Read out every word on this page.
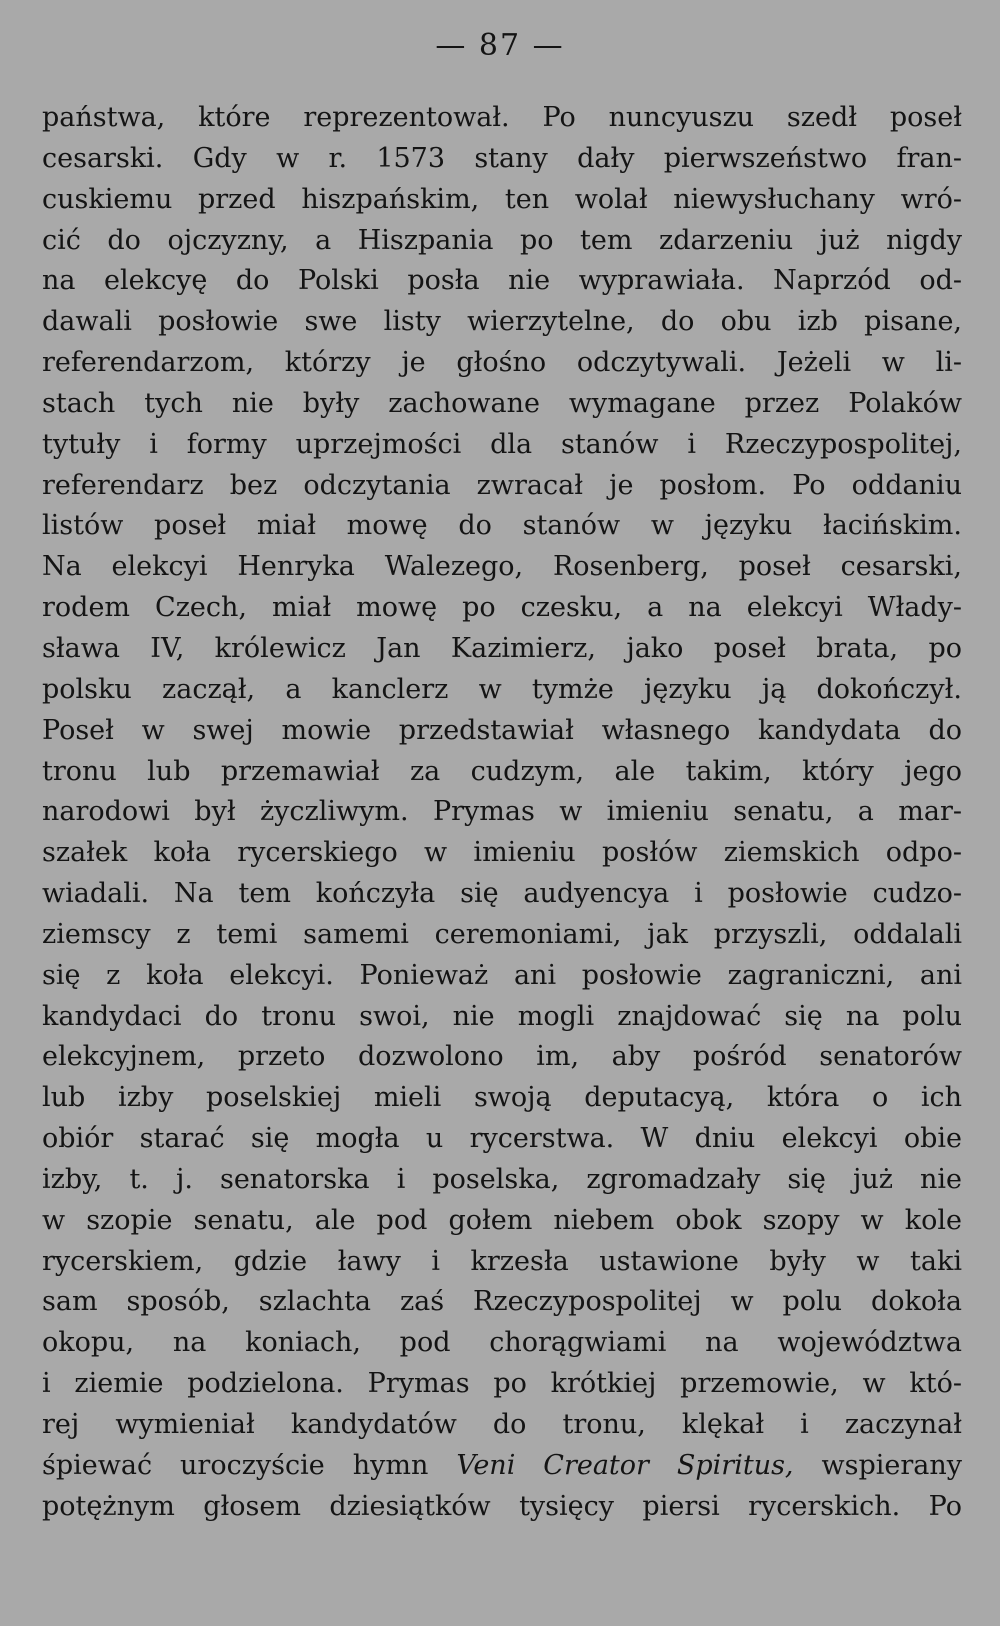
— 87 —
państwa, które reprezentował. Po nuncyuszu szedł poseł
cesarski. Gdy w r. 1573 stany dały pierwszeństwo fran-
cuskiemu przed hiszpańskim, ten wolał niewysłuchany wró-
cić do ojczyzny, a Hiszpania po tem zdarzeniu już nigdy
na elekcyę do Polski posła nie wyprawiała. Naprzód od-
dawali posłowie swe listy wierzytelne, do obu izb pisane,
referendarzom, którzy je głośno odczytywali. Jeżeli w li-
stach tych nie były zachowane wymagane przez Polaków
tytuły i formy uprzejmości dla stanów i Rzeczypospolitej,
referendarz bez odczytania zwracał je posłom. Po oddaniu
listów poseł miał mowę do stanów w języku łacińskim.
Na elekcyi Henryka Walezego, Rosenberg, poseł cesarski,
rodem Czech, miał mowę po czesku, a na elekcyi Włady-
sława IV, królewicz Jan Kazimierz, jako poseł brata, po
polsku zaczął, a kanclerz w tymże języku ją dokończył.
Poseł w swej mowie przedstawiał własnego kandydata do
tronu lub przemawiał za cudzym, ale takim, który jego
narodowi był życzliwym. Prymas w imieniu senatu, a mar-
szałek koła rycerskiego w imieniu posłów ziemskich odpo-
wiadali. Na tem kończyła się audyencya i posłowie cudzo-
ziemscy z temi samemi ceremoniami, jak przyszli, oddalali
się z koła elekcyi. Ponieważ ani posłowie zagraniczni, ani
kandydaci do tronu swoi, nie mogli znajdować się na polu
elekcyjnem, przeto dozwolono im, aby pośród senatorów
lub izby poselskiej mieli swoją deputacyą, która o ich
obiór starać się mogła u rycerstwa. W dniu elekcyi obie
izby, t. j. senatorska i poselska, zgromadzały się już nie
w szopie senatu, ale pod gołem niebem obok szopy w kole
rycerskiem, gdzie ławy i krzesła ustawione były w taki
sam sposób, szlachta zaś Rzeczypospolitej w polu dokoła
okopu, na koniach, pod chorągwiami na województwa
i ziemie podzielona. Prymas po krótkiej przemowie, w któ-
rej wymieniał kandydatów do tronu, klękał i zaczynał
śpiewać uroczyście hymn Veni Creator Spiritus, wspierany
potężnym głosem dziesiątków tysięcy piersi rycerskich. Po
